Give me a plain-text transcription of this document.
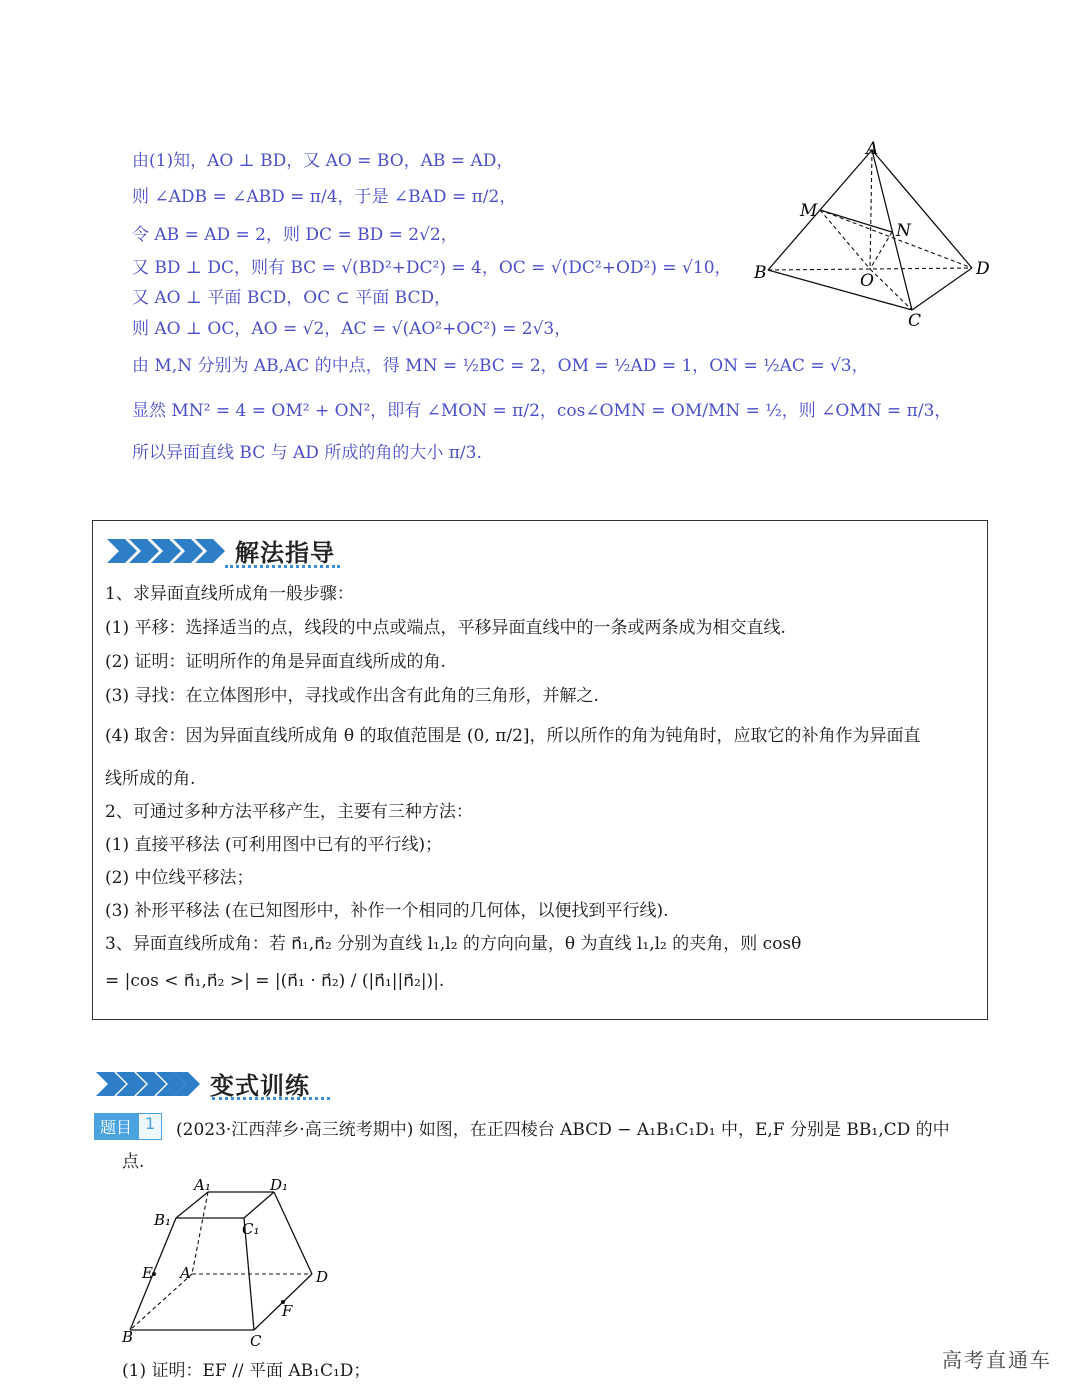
由(1)知，AO ⊥ BD，又 AO = BO，AB = AD，
则 ∠ADB = ∠ABD = π/4，于是 ∠BAD = π/2，
令 AB = AD = 2，则 DC = BD = 2√2，
又 BD ⊥ DC，则有 BC = √(BD²+DC²) = 4，OC = √(DC²+OD²) = √10，
又 AO ⊥ 平面 BCD，OC ⊂ 平面 BCD，
则 AO ⊥ OC，AO = √2，AC = √(AO²+OC²) = 2√3，
由 M,N 分别为 AB,AC 的中点，得 MN = ½BC = 2，OM = ½AD = 1，ON = ½AC = √3，
显然 MN² = 4 = OM² + ON²，即有 ∠MON = π/2，cos∠OMN = OM/MN = ½，则 ∠OMN = π/3，
所以异面直线 BC 与 AD 所成的角的大小 π/3.
A
M
N
B	O
D
C
解法指导
1、求异面直线所成角一般步骤：
(1) 平移：选择适当的点，线段的中点或端点，平移异面直线中的一条或两条成为相交直线.
(2) 证明：证明所作的角是异面直线所成的角.
(3) 寻找：在立体图形中，寻找或作出含有此角的三角形，并解之.
(4) 取舍：因为异面直线所成角 θ 的取值范围是 (0, π/2]，所以所作的角为钝角时，应取它的补角作为异面直
线所成的角.
2、可通过多种方法平移产生，主要有三种方法：
(1) 直接平移法 (可利用图中已有的平行线)；
(2) 中位线平移法；
(3) 补形平移法 (在已知图形中，补作一个相同的几何体，以便找到平行线).
3、异面直线所成角：若 n⃗₁,n⃗₂ 分别为直线 l₁,l₂ 的方向向量，θ 为直线 l₁,l₂ 的夹角，则 cosθ
= |cos < n⃗₁,n⃗₂ >| = |(n⃗₁ · n⃗₂) / (|n⃗₁||n⃗₂|)|.
变式训练
题目 1	(2023·江西萍乡·高三统考期中) 如图，在正四棱台 ABCD − A₁B₁C₁D₁ 中，E,F 分别是 BB₁,CD 的中
点.
A₁	D₁
B₁	C₁
E A	D
F
B	C
(1) 证明：EF // 平面 AB₁C₁D；	高考直通车
